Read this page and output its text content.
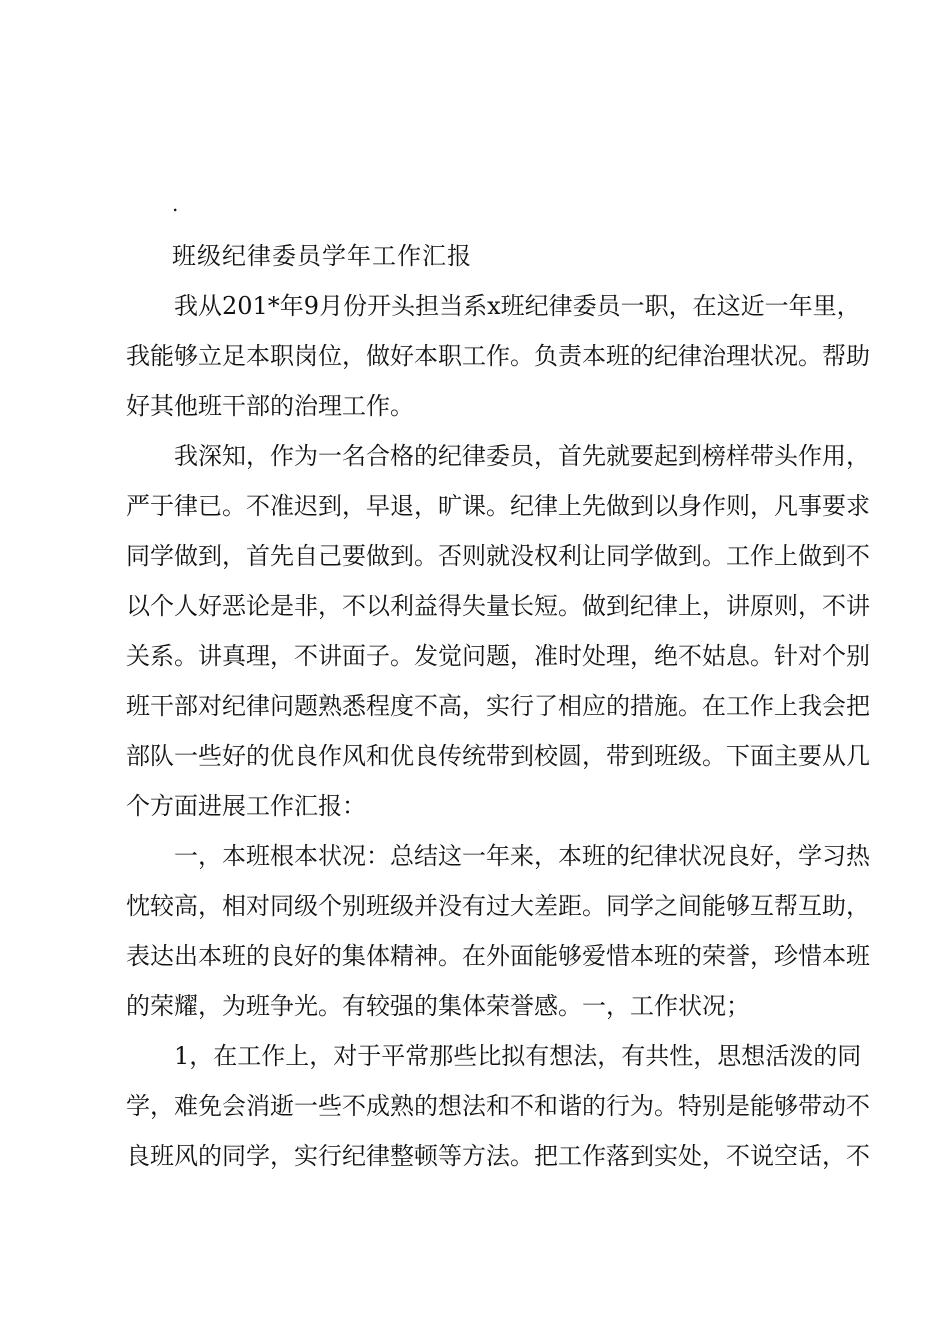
.
班级纪律委员学年工作汇报
我从201*年9月份开头担当系x班纪律委员一职，在这近一年里，
我能够立足本职岗位，做好本职工作。负责本班的纪律治理状况。帮助
好其他班干部的治理工作。
我深知，作为一名合格的纪律委员，首先就要起到榜样带头作用，
严于律已。不准迟到，早退，旷课。纪律上先做到以身作则，凡事要求
同学做到，首先自己要做到。否则就没权利让同学做到。工作上做到不
以个人好恶论是非，不以利益得失量长短。做到纪律上，讲原则，不讲
关系。讲真理，不讲面子。发觉问题，准时处理，绝不姑息。针对个别
班干部对纪律问题熟悉程度不高，实行了相应的措施。在工作上我会把
部队一些好的优良作风和优良传统带到校圆，带到班级。下面主要从几
个方面进展工作汇报：
一，本班根本状况：总结这一年来，本班的纪律状况良好，学习热
忱较高，相对同级个别班级并没有过大差距。同学之间能够互帮互助，
表达出本班的良好的集体精神。在外面能够爱惜本班的荣誉，珍惜本班
的荣耀，为班争光。有较强的集体荣誉感。一，工作状况；
1，在工作上，对于平常那些比拟有想法，有共性，思想活泼的同
学，难免会消逝一些不成熟的想法和不和谐的行为。特别是能够带动不
良班风的同学，实行纪律整顿等方法。把工作落到实处，不说空话，不
